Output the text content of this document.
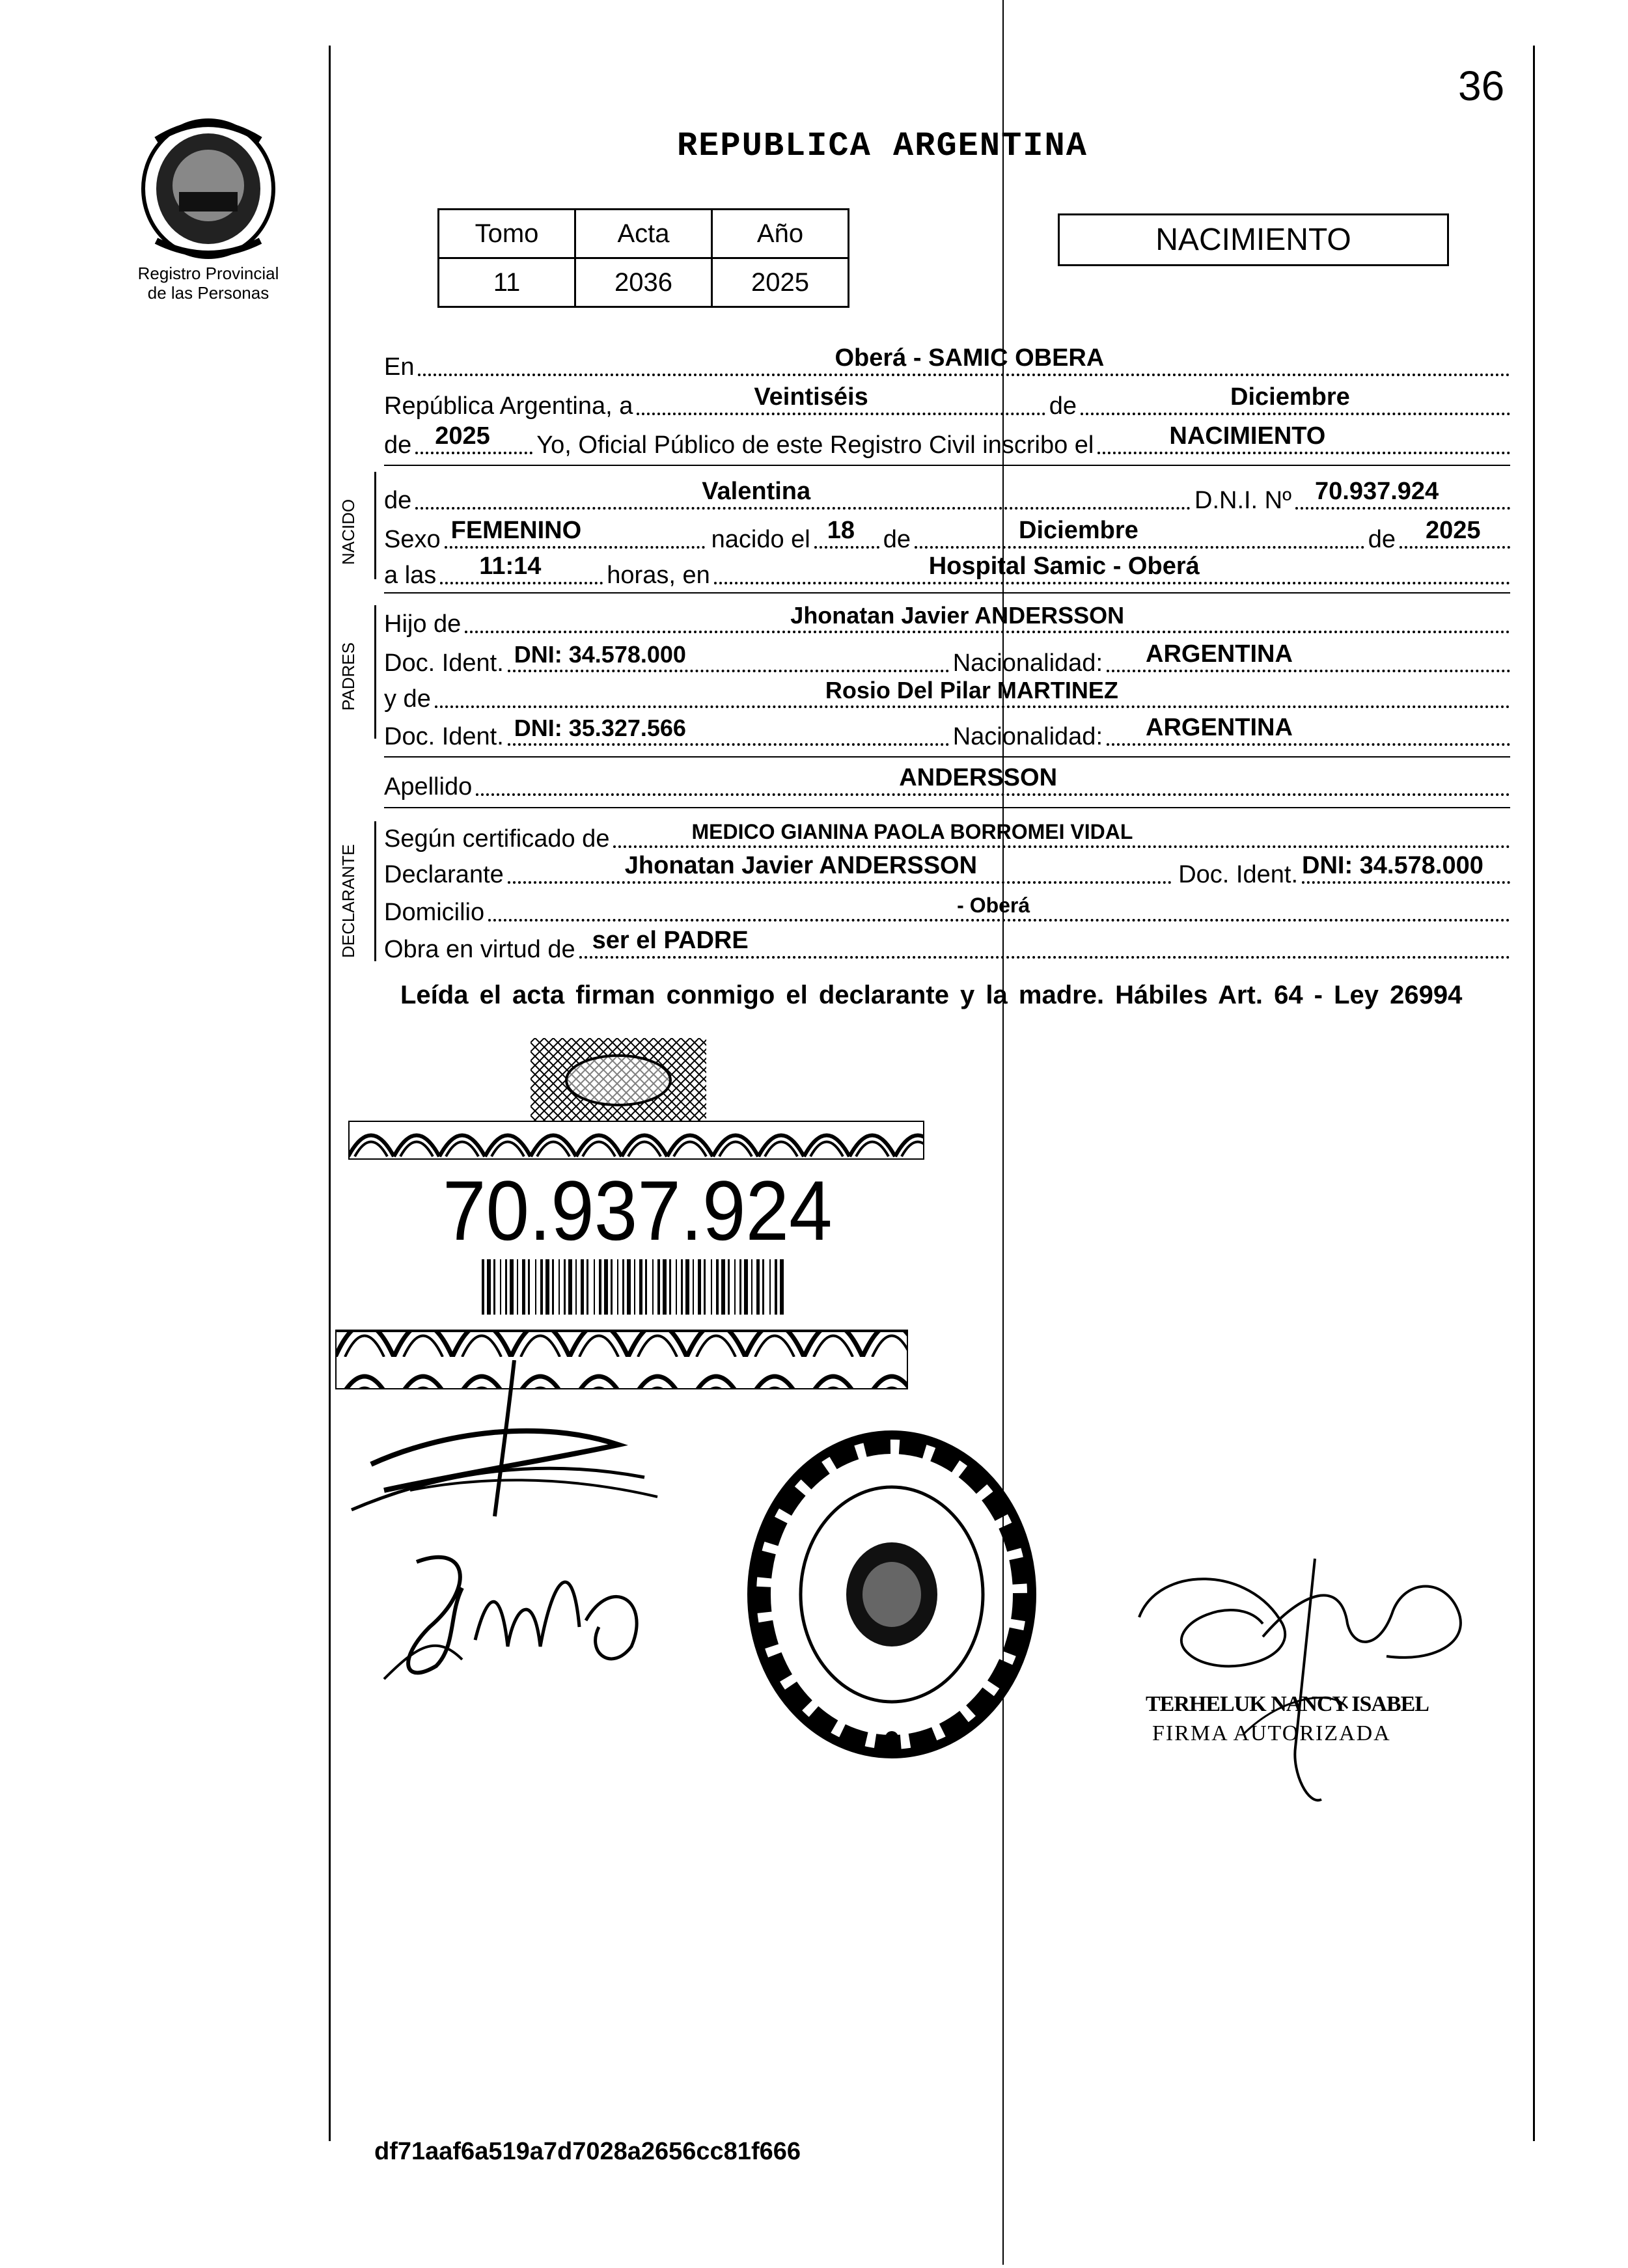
36
Registro Provincial
de las Personas
REPUBLICA ARGENTINA
Tomo	Acta	Año
11	2036	2025
NACIMIENTO
En	Oberá - SAMIC OBERA
República Argentina, a	Veintiséis	de	Diciembre
de 2025 Yo, Oficial Público de este Registro Civil inscribo el	NACIMIENTO
NACIDO de	Valentina	D.N.I. Nº 70.937.924
Sexo FEMENINO	nacido el 18 de	Diciembre	de 2025
a las 11:14	horas, en	Hospital Samic - Oberá
PADRES
Hijo de	Jhonatan Javier ANDERSSON
Doc. Ident. DNI: 34.578.000	Nacionalidad: ARGENTINA
y de	Rosio Del Pilar MARTINEZ
Doc. Ident. DNI: 35.327.566	Nacionalidad: ARGENTINA
Apellido	ANDERSSON
DECLARANTE
Según certificado de	MEDICO GIANINA PAOLA BORROMEI VIDAL
Declarante	Jhonatan Javier ANDERSSON	Doc. Ident. DNI: 34.578.000
Domicilio	- Oberá
Obra en virtud de ser el PADRE
Leída el acta firman conmigo el declarante y la madre. Hábiles Art. 64 - Ley 26994
70.937.924
TERHELUK NANCY ISABEL
FIRMA AUTORIZADA
df71aaf6a519a7d7028a2656cc81f666
